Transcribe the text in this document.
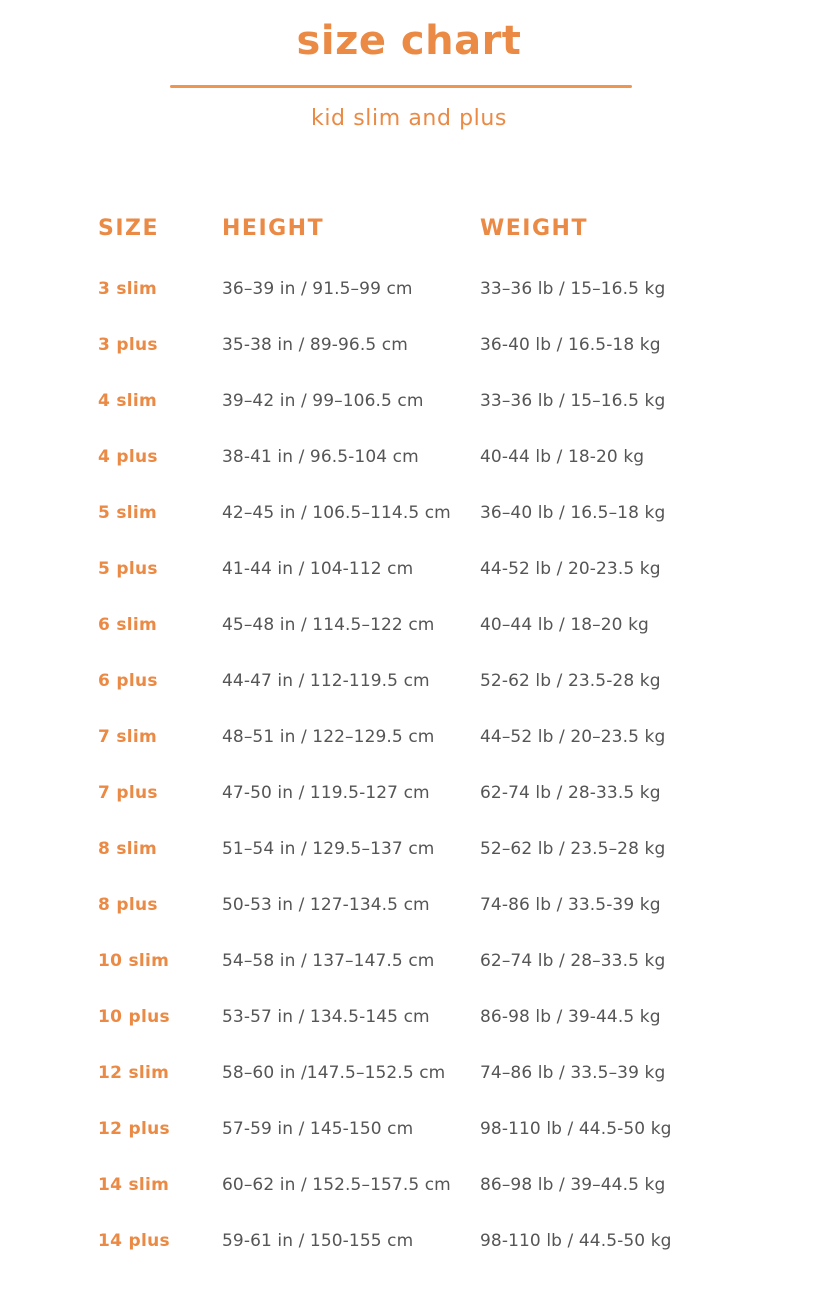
size chart
kid slim and plus
SIZE	HEIGHT	WEIGHT
3 slim	36–39 in / 91.5–99 cm	33–36 lb / 15–16.5 kg
3 plus	35-38 in / 89-96.5 cm	36-40 lb / 16.5-18 kg
4 slim	39–42 in / 99–106.5 cm	33–36 lb / 15–16.5 kg
4 plus	38-41 in / 96.5-104 cm	40-44 lb / 18-20 kg
5 slim	42–45 in / 106.5–114.5 cm 36–40 lb / 16.5–18 kg
5 plus	41-44 in / 104-112 cm	44-52 lb / 20-23.5 kg
6 slim	45–48 in / 114.5–122 cm	40–44 lb / 18–20 kg
6 plus	44-47 in / 112-119.5 cm	52-62 lb / 23.5-28 kg
7 slim	48–51 in / 122–129.5 cm	44–52 lb / 20–23.5 kg
7 plus	47-50 in / 119.5-127 cm	62-74 lb / 28-33.5 kg
8 slim	51–54 in / 129.5–137 cm	52–62 lb / 23.5–28 kg
8 plus	50-53 in / 127-134.5 cm	74-86 lb / 33.5-39 kg
10 slim	54–58 in / 137–147.5 cm	62–74 lb / 28–33.5 kg
10 plus	53-57 in / 134.5-145 cm	86-98 lb / 39-44.5 kg
12 slim	58–60 in /147.5–152.5 cm 74–86 lb / 33.5–39 kg
12 plus	57-59 in / 145-150 cm	98-110 lb / 44.5-50 kg
14 slim	60–62 in / 152.5–157.5 cm 86–98 lb / 39–44.5 kg
14 plus	59-61 in / 150-155 cm	98-110 lb / 44.5-50 kg
